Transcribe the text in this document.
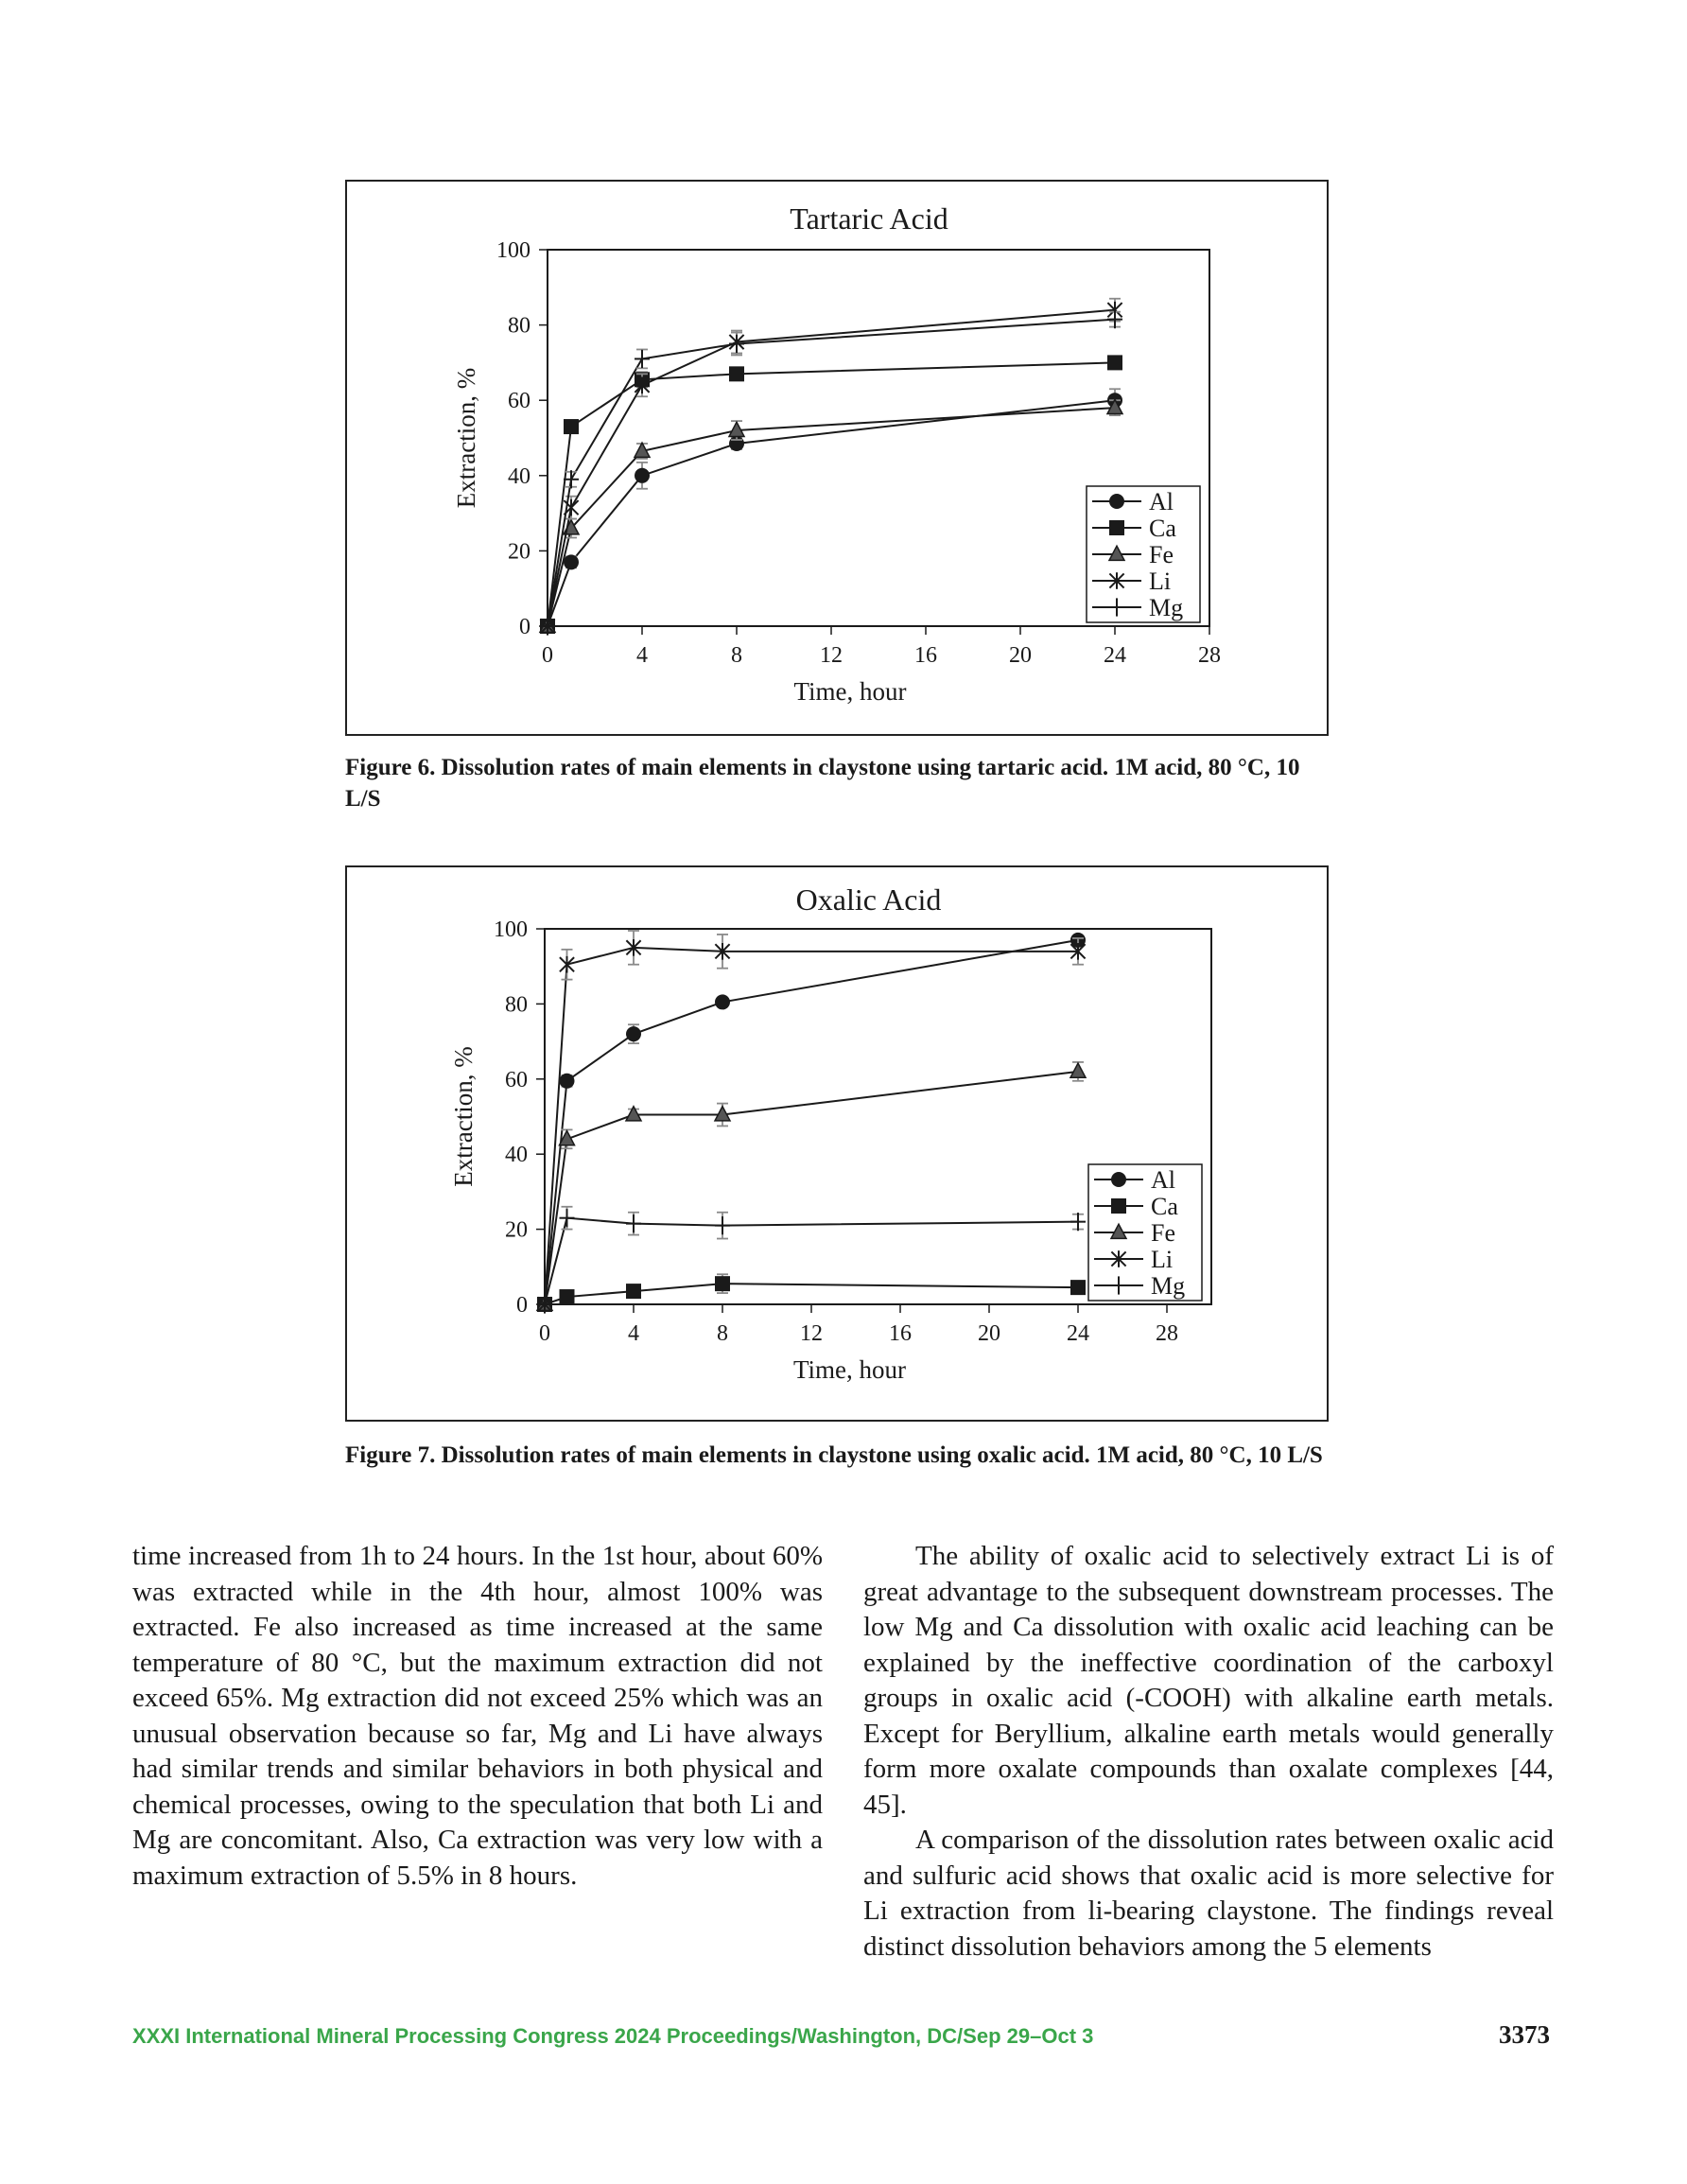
Tartaric Acid
0
20
40
60
80
100
0	4	8	12	16	20	24	28
Time, hour
Extraction, %	Al
Ca
Fe
Li
Mg
Figure 6. Dissolution rates of main elements in claystone using tartaric acid. 1M acid, 80 °C, 10 L/S
Oxalic Acid
0
20
40
60
80
100
0	4	8	12	16	20	24	28
Time, hour
Extraction, %	Al
Ca
Fe
Li
Mg
Figure 7. Dissolution rates of main elements in claystone using oxalic acid. 1M acid, 80 °C, 10 L/S

time increased from 1h to 24 hours. In the 1st hour, about 60% was extracted while in the 4th hour, almost 100% was extracted. Fe also increased as time increased at the same temperature of 80 °C, but the maximum extraction did not exceed 65%. Mg extraction did not exceed 25% which was an unusual observation because so far, Mg and Li have always had similar trends and similar behaviors in both physical and chemical processes, owing to the speculation that both Li and Mg are concomitant. Also, Ca extraction was very low with a maximum extraction of 5.5% in 8 hours.

The ability of oxalic acid to selectively extract Li is of great advantage to the subsequent downstream processes. The low Mg and Ca dissolution with oxalic acid leaching can be explained by the ineffective coordination of the carboxyl groups in oxalic acid (-COOH) with alkaline earth metals. Except for Beryllium, alkaline earth metals would generally form more oxalate compounds than oxalate complexes [44, 45].

A comparison of the dissolution rates between oxalic acid and sulfuric acid shows that oxalic acid is more selective for Li extraction from li-bearing claystone. The findings reveal distinct dissolution behaviors among the 5 elements

XXXI International Mineral Processing Congress 2024 Proceedings/Washington, DC/Sep 29–Oct 3	3373
